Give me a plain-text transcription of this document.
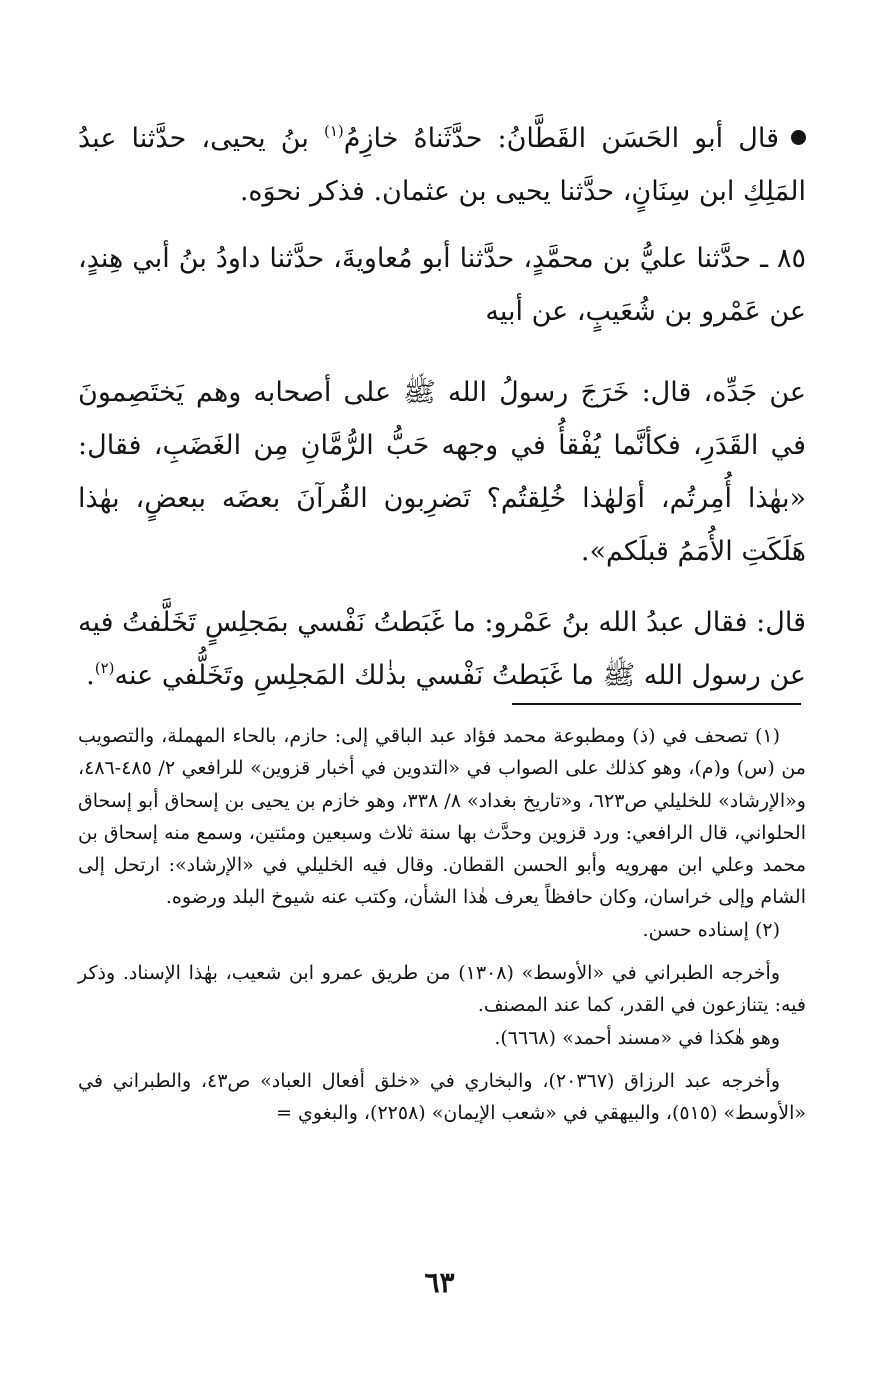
قال أبو الحَسَن القَطَّانُ: حدَّثَناهُ خازِمُ$^{(١)}$ بنُ يحيى، حدَّثنا عبدُ المَلِكِ ابن سِنَانٍ، حدَّثنا يحيى بن عثمان. فذكر نحوَه.

٨٥ ـ حدَّثنا عليُّ بن محمَّدٍ، حدَّثنا أبو مُعاويةَ، حدَّثنا داودُ بنُ أبي هِندٍ، عن عَمْرو بن شُعَيبٍ، عن أبيه

عن جَدِّه، قال: خَرَجَ رسولُ الله ﷺ على أصحابه وهم يَختَصِمونَ في القَدَرِ، فكأنَّما يُفْقأُ في وجهه حَبُّ الرُّمَّانِ مِن الغَضَبِ، فقال: «بهٰذا أُمِرتُم، أوَلهٰذا خُلِقتُم؟ تَضرِبون القُرآنَ بعضَه ببعضٍ، بهٰذا هَلَكَتِ الأُمَمُ قبلَكم».

قال: فقال عبدُ الله بنُ عَمْرو: ما غَبَطتُ نَفْسي بمَجلِسٍ تَخَلَّفتُ فيه عن رسول الله ﷺ ما غَبَطتُ نَفْسي بذٰلك المَجلِسِ وتَخَلُّفي عنه$^{(٢)}$.

(١) تصحف في (ذ) ومطبوعة محمد فؤاد عبد الباقي إلى: حازم، بالحاء المهملة، والتصويب من (س) و(م)، وهو كذلك على الصواب في «التدوين في أخبار قزوين» للرافعي ٢/ ٤٨٥-٤٨٦، و«الإرشاد» للخليلي ص٦٢٣، و«تاريخ بغداد» ٨/ ٣٣٨، وهو خازم بن يحيى بن إسحاق أبو إسحاق الحلواني، قال الرافعي: ورد قزوين وحدَّث بها سنة ثلاث وسبعين ومئتين، وسمع منه إسحاق بن محمد وعلي ابن مهرويه وأبو الحسن القطان. وقال فيه الخليلي في «الإرشاد»: ارتحل إلى الشام وإلى خراسان، وكان حافظاً يعرف هٰذا الشأن، وكتب عنه شيوخ البلد ورضوه.

(٢) إسناده حسن.

وأخرجه الطبراني في «الأوسط» (١٣٠٨) من طريق عمرو ابن شعيب، بهٰذا الإسناد. وذكر فيه: يتنازعون في القدر، كما عند المصنف.

وهو هٰكذا في «مسند أحمد» (٦٦٦٨).

وأخرجه عبد الرزاق (٢٠٣٦٧)، والبخاري في «خلق أفعال العباد» ص٤٣، والطبراني في «الأوسط» (٥١٥)، والبيهقي في «شعب الإيمان» (٢٢٥٨)، والبغوي =

٦٣
